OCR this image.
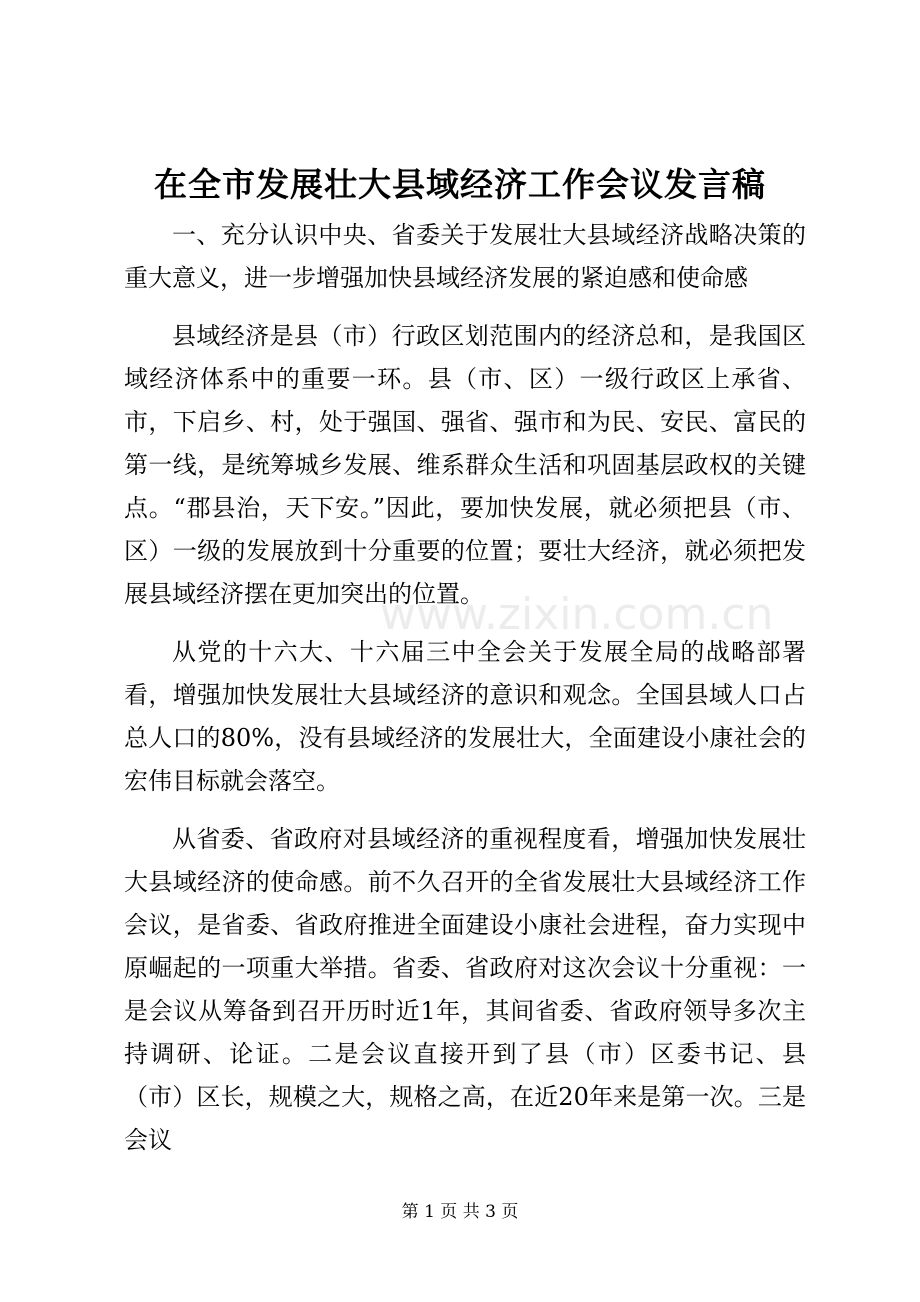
在全市发展壮大县域经济工作会议发言稿

一、充分认识中央、省委关于发展壮大县域经济战略决策的重大意义，进一步增强加快县域经济发展的紧迫感和使命感

县域经济是县（市）行政区划范围内的经济总和，是我国区域经济体系中的重要一环。县（市、区）一级行政区上承省、市，下启乡、村，处于强国、强省、强市和为民、安民、富民的第一线，是统筹城乡发展、维系群众生活和巩固基层政权的关键点。“郡县治，天下安。”因此，要加快发展，就必须把县（市、区）一级的发展放到十分重要的位置；要壮大经济，就必须把发展县域经济摆在更加突出的位置。

从党的十六大、十六届三中全会关于发展全局的战略部署看，增强加快发展壮大县域经济的意识和观念。全国县域人口占总人口的80%，没有县域经济的发展壮大，全面建设小康社会的宏伟目标就会落空。

从省委、省政府对县域经济的重视程度看，增强加快发展壮大县域经济的使命感。前不久召开的全省发展壮大县域经济工作会议，是省委、省政府推进全面建设小康社会进程，奋力实现中原崛起的一项重大举措。省委、省政府对这次会议十分重视：一是会议从筹备到召开历时近1年，其间省委、省政府领导多次主持调研、论证。二是会议直接开到了县（市）区委书记、县（市）区长，规模之大，规格之高，在近20年来是第一次。三是会议

www.zixin.com.cn
第 1 页 共 3 页
